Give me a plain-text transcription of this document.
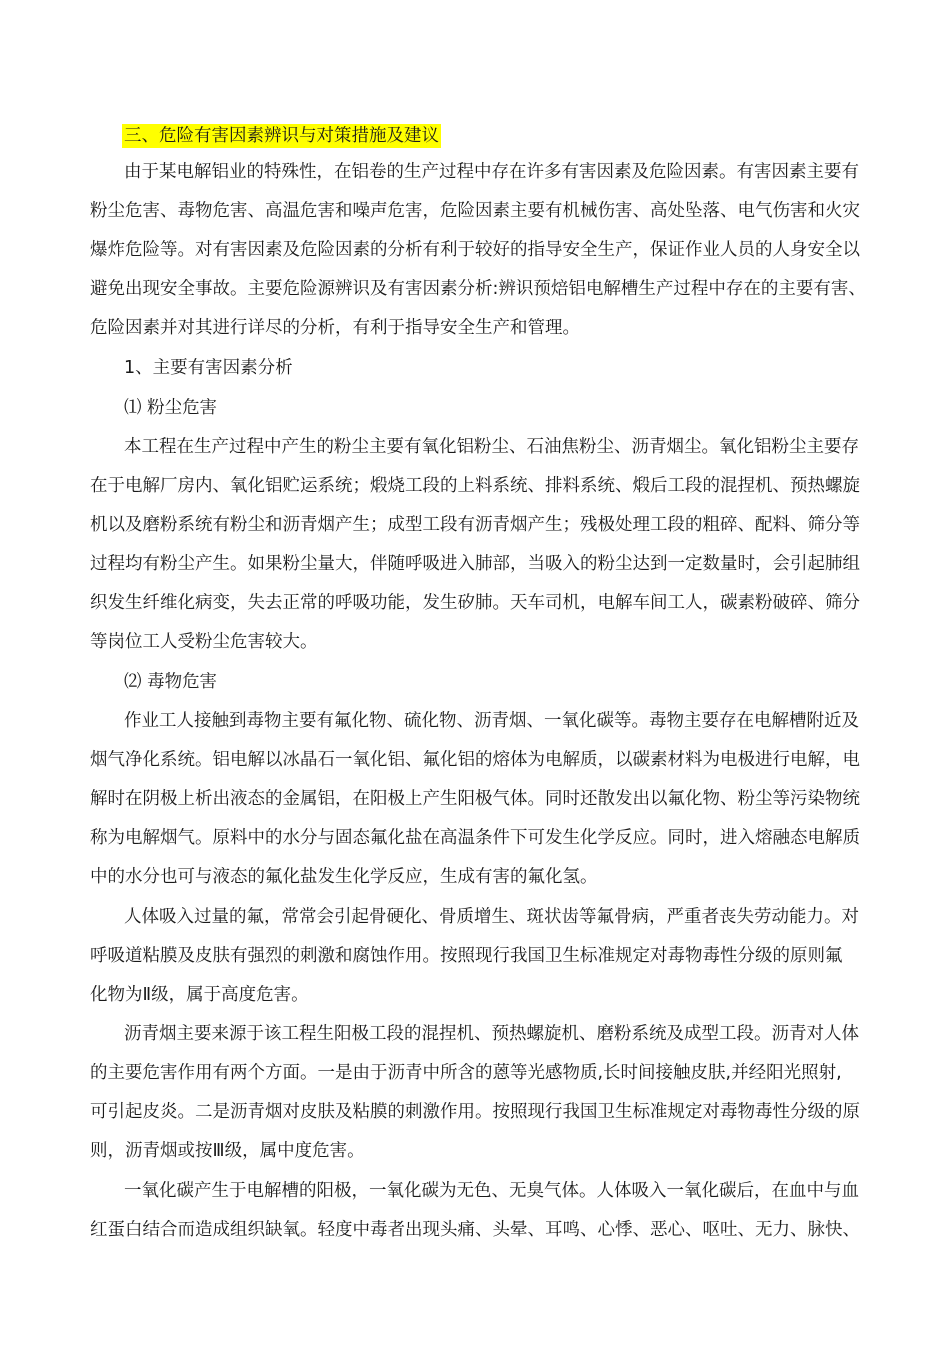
三、危险有害因素辨识与对策措施及建议
由于某电解铝业的特殊性，在铝卷的生产过程中存在许多有害因素及危险因素。有害因素主要有
粉尘危害、毒物危害、高温危害和噪声危害，危险因素主要有机械伤害、高处坠落、电气伤害和火灾
爆炸危险等。对有害因素及危险因素的分析有利于较好的指导安全生产，保证作业人员的人身安全以
避免出现安全事故。主要危险源辨识及有害因素分析:辨识预焙铝电解槽生产过程中存在的主要有害、
危险因素并对其进行详尽的分析，有利于指导安全生产和管理。
1、主要有害因素分析
⑴ 粉尘危害
本工程在生产过程中产生的粉尘主要有氧化铝粉尘、石油焦粉尘、沥青烟尘。氧化铝粉尘主要存
在于电解厂房内、氧化铝贮运系统；煅烧工段的上料系统、排料系统、煅后工段的混捏机、预热螺旋
机以及磨粉系统有粉尘和沥青烟产生；成型工段有沥青烟产生；残极处理工段的粗碎、配料、筛分等
过程均有粉尘产生。如果粉尘量大，伴随呼吸进入肺部，当吸入的粉尘达到一定数量时，会引起肺组
织发生纤维化病变，失去正常的呼吸功能，发生矽肺。天车司机，电解车间工人，碳素粉破碎、筛分
等岗位工人受粉尘危害较大。
⑵ 毒物危害
作业工人接触到毒物主要有氟化物、硫化物、沥青烟、一氧化碳等。毒物主要存在电解槽附近及
烟气净化系统。铝电解以冰晶石一氧化铝、氟化铝的熔体为电解质，以碳素材料为电极进行电解，电
解时在阴极上析出液态的金属铝，在阳极上产生阳极气体。同时还散发出以氟化物、粉尘等污染物统
称为电解烟气。原料中的水分与固态氟化盐在高温条件下可发生化学反应。同时，进入熔融态电解质
中的水分也可与液态的氟化盐发生化学反应，生成有害的氟化氢。
人体吸入过量的氟，常常会引起骨硬化、骨质增生、斑状齿等氟骨病，严重者丧失劳动能力。对
呼吸道粘膜及皮肤有强烈的刺激和腐蚀作用。按照现行我国卫生标准规定对毒物毒性分级的原则氟
化物为Ⅱ级，属于高度危害。
沥青烟主要来源于该工程生阳极工段的混捏机、预热螺旋机、磨粉系统及成型工段。沥青对人体
的主要危害作用有两个方面。一是由于沥青中所含的蒽等光感物质,长时间接触皮肤,并经阳光照射,
可引起皮炎。二是沥青烟对皮肤及粘膜的刺激作用。按照现行我国卫生标准规定对毒物毒性分级的原
则，沥青烟或按Ⅲ级，属中度危害。
一氧化碳产生于电解槽的阳极，一氧化碳为无色、无臭气体。人体吸入一氧化碳后，在血中与血
红蛋白结合而造成组织缺氧。轻度中毒者出现头痛、头晕、耳鸣、心悸、恶心、呕吐、无力、脉快、
